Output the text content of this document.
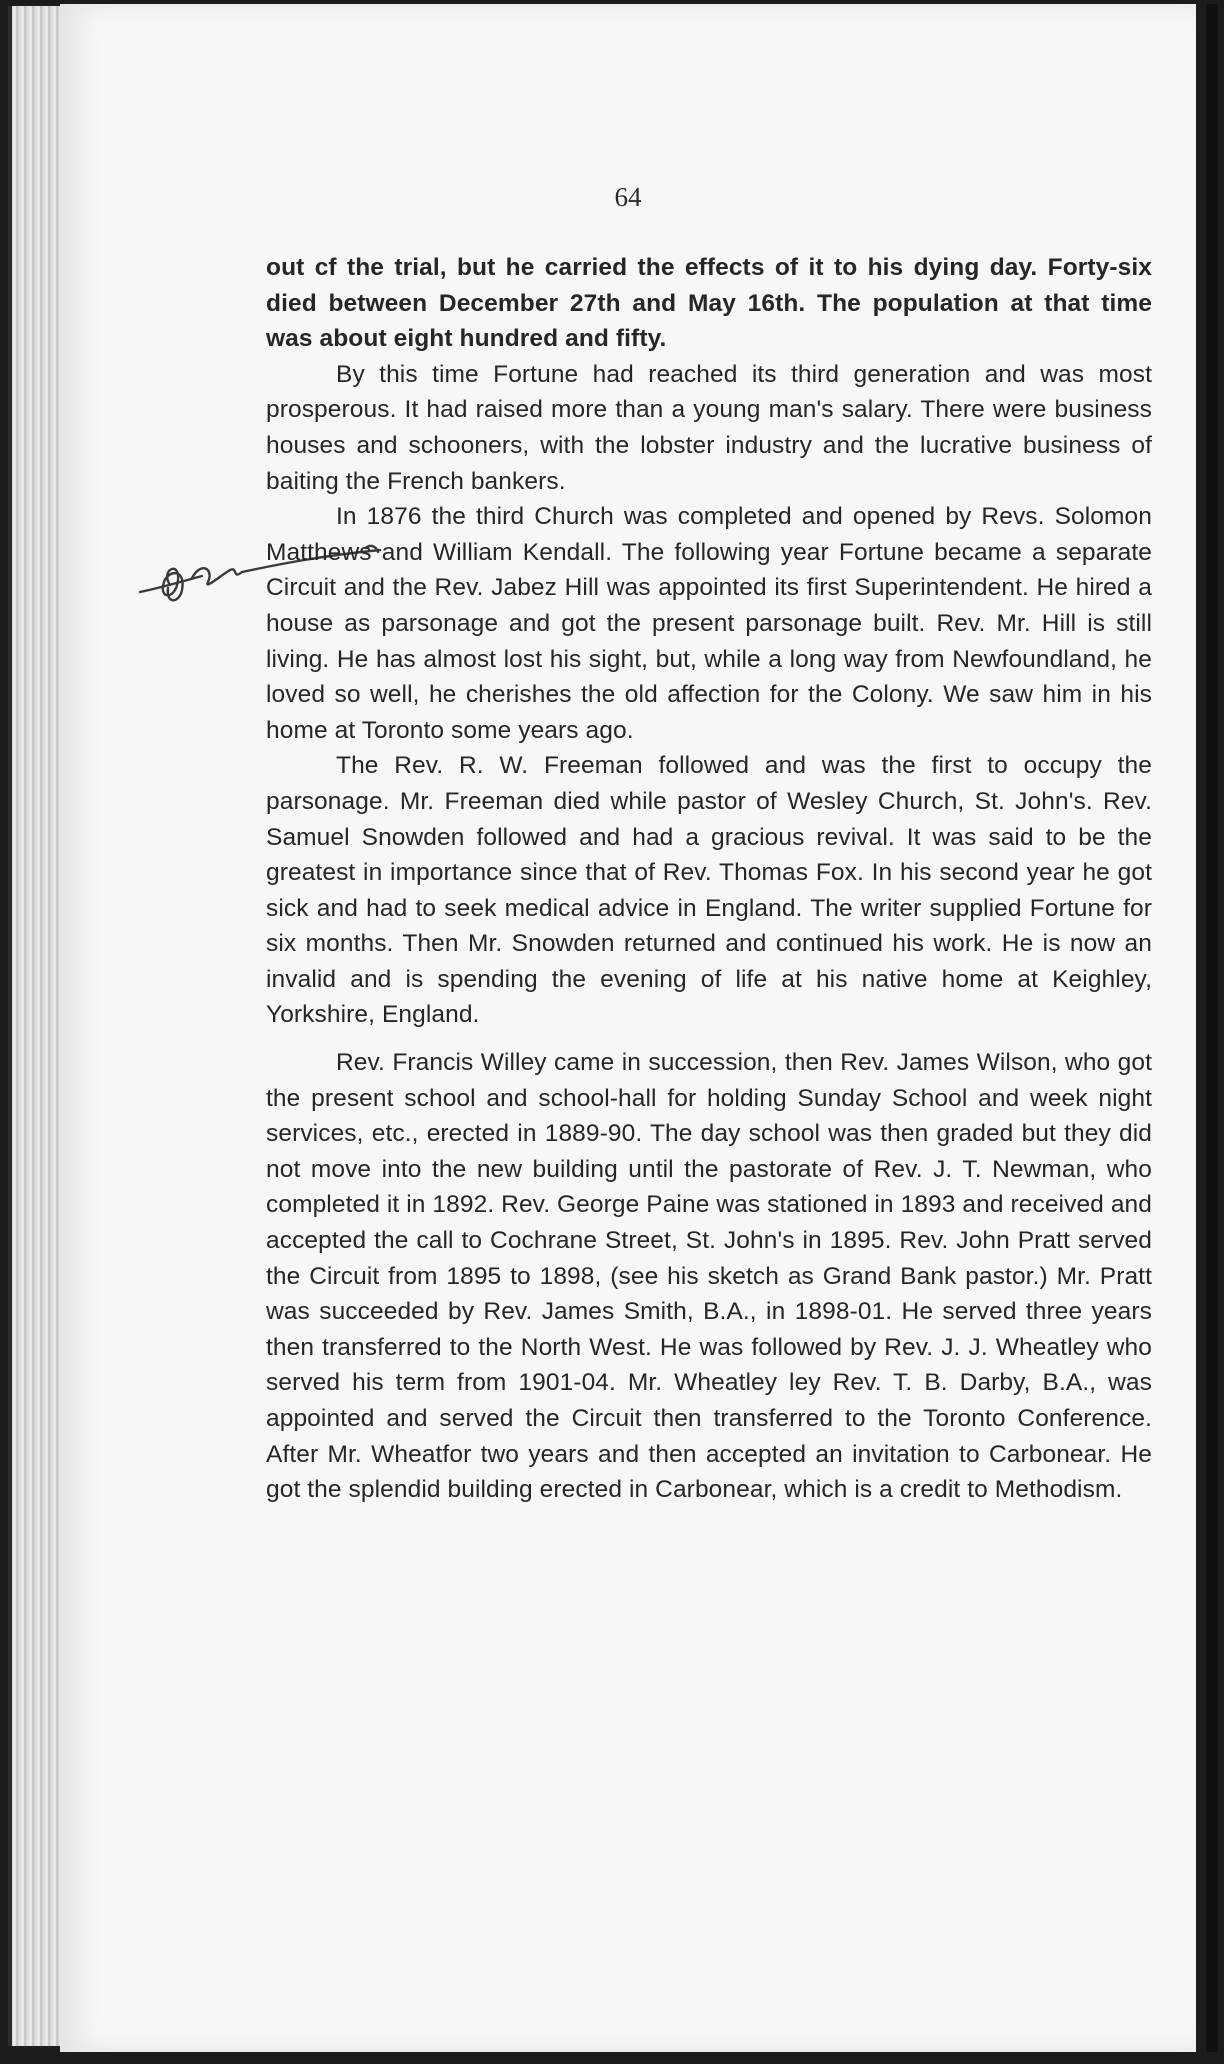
64

out cf the trial, but he carried the effects of it to his dying day. Forty-six died between December 27th and May 16th. The population at that time was about eight hundred and fifty.

By this time Fortune had reached its third generation and was most prosperous. It had raised more than a young man's salary. There were business houses and schooners, with the lobster industry and the lucrative business of baiting the French bankers.

In 1876 the third Church was completed and opened by Revs. Solomon Matthews and William Kendall. The following year Fortune became a separate Circuit and the Rev. Jabez Hill was appointed its first Superintendent. He hired a house as parsonage and got the present parsonage built. Rev. Mr. Hill is still living. He has almost lost his sight, but, while a long way from Newfoundland, he loved so well, he cherishes the old affection for the Colony. We saw him in his home at Toronto some years ago.

The Rev. R. W. Freeman followed and was the first to occupy the parsonage. Mr. Freeman died while pastor of Wesley Church, St. John's. Rev. Samuel Snowden followed and had a gracious revival. It was said to be the greatest in importance since that of Rev. Thomas Fox. In his second year he got sick and had to seek medical advice in England. The writer supplied Fortune for six months. Then Mr. Snowden returned and continued his work. He is now an invalid and is spending the evening of life at his native home at Keighley, Yorkshire, England.

Rev. Francis Willey came in succession, then Rev. James Wilson, who got the present school and school-hall for holding Sunday School and week night services, etc., erected in 1889-90. The day school was then graded but they did not move into the new building until the pastorate of Rev. J. T. Newman, who completed it in 1892. Rev. George Paine was stationed in 1893 and received and accepted the call to Cochrane Street, St. John's in 1895. Rev. John Pratt served the Circuit from 1895 to 1898, (see his sketch as Grand Bank pastor.) Mr. Pratt was succeeded by Rev. James Smith, B.A., in 1898-01. He served three years then transferred to the North West. He was followed by Rev. J. J. Wheatley who served his term from 1901-04. Mr. Wheatley ley Rev. T. B. Darby, B.A., was appointed and served the Circuit then transferred to the Toronto Conference. After Mr. Wheatfor two years and then accepted an invitation to Carbonear. He got the splendid building erected in Carbonear, which is a credit to Methodism.
